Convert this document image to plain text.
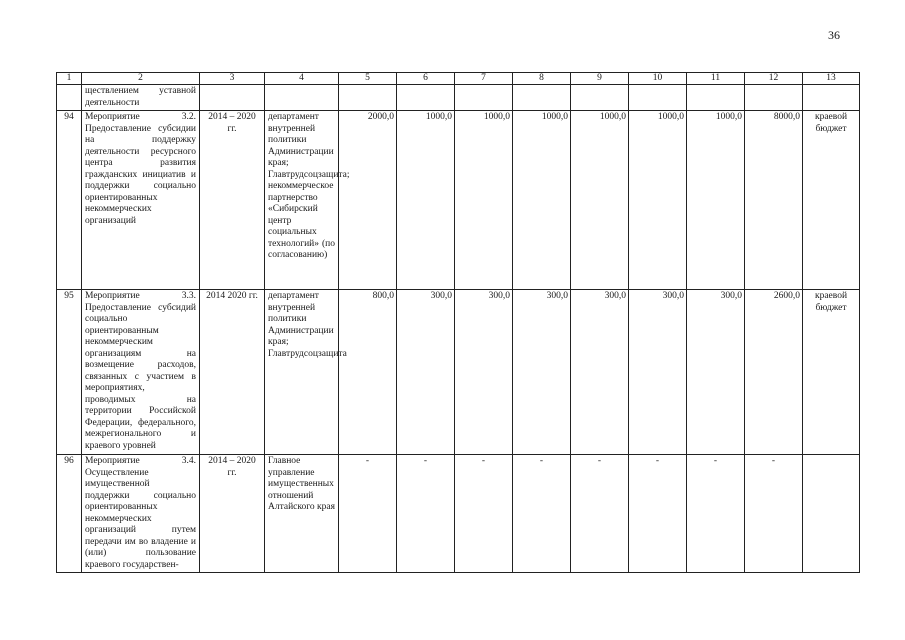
36
1	2	3	4	5	6	7	8	9	10	11	12	13
	ществлением уставной деятельности											
94	Мероприятие 3.2. Предоставление субсидии на поддержку деятельности ресурсного центра развития гражданских инициатив и поддержки социально ориентированных некоммерческих организаций	2014 – 2020 гг.	департамент внутренней политики Администрации края; Главтрудсоцзащита; некоммерческое партнерство «Сибирский центр социальных технологий» (по согласованию)	2000,0	1000,0	1000,0	1000,0	1000,0	1000,0	1000,0	8000,0	краевой бюджет
95	Мероприятие 3.3. Предоставление субсидий социально ориентированным некоммерческим организациям на возмещение расходов, связанных с участием в мероприятиях, проводимых на территории Российской Федерации, федерального, межрегионального и краевого уровней	2014 2020 гг.	департамент внутренней политики Администрации края; Главтрудсоцзащита	800,0	300,0	300,0	300,0	300,0	300,0	300,0	2600,0	краевой бюджет
96	Мероприятие 3.4. Осуществление имущественной поддержки социально ориентированных некоммерческих организаций путем передачи им во владение и (или) пользование краевого государствен-	2014 – 2020 гг.	Главное управление имущественных отношений Алтайского края	-	-	-	-	-	-	-	-	
